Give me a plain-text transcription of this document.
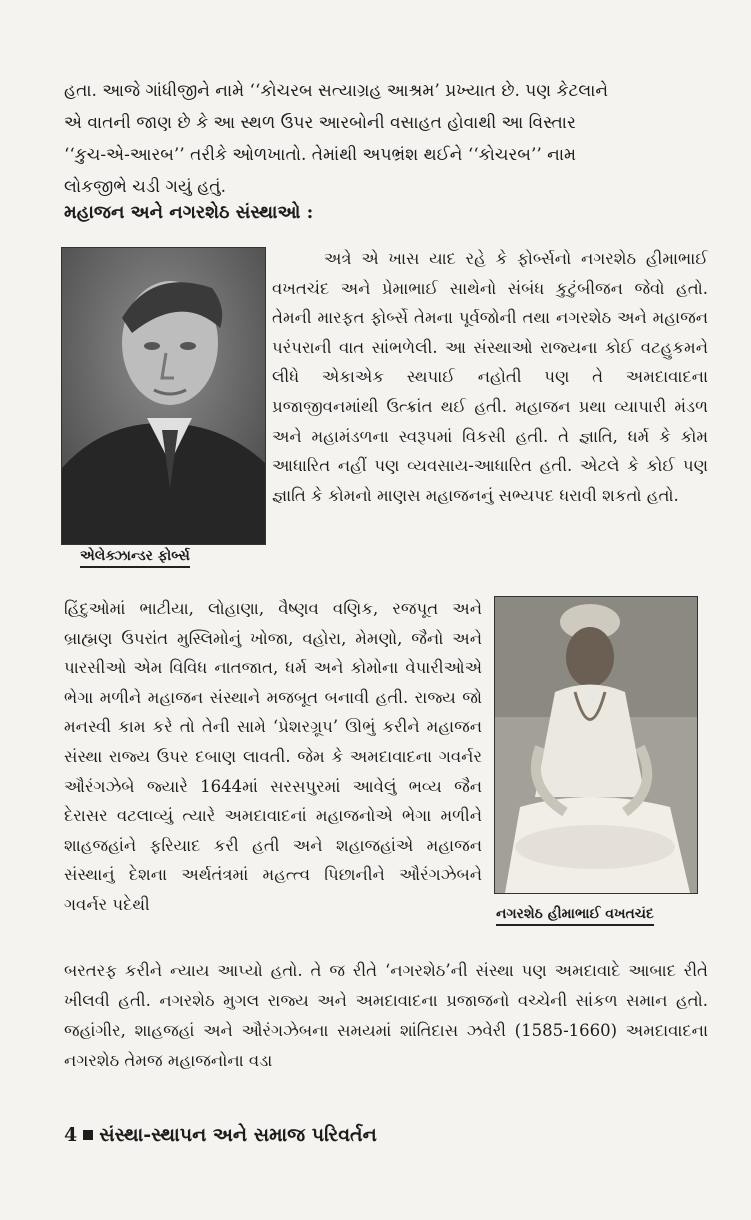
હતા. આજે ગાંધીજીને નામે ‘‘કોચરબ સત્યાગ્રહ આશ્રમ’ પ્રખ્યાત છે. પણ કેટલાને

એ વાતની જાણ છે કે આ સ્થળ ઉપર આરબોની વસાહત હોવાથી આ વિસ્તાર

‘‘કુચ-એ-આરબ’’ તરીકે ઓળખાતો. તેમાંથી અપભ્રંશ થઈને ‘‘કોચરબ’’ નામ

લોકજીભે ચડી ગયું હતું.

મહાજન અને નગરશેઠ સંસ્થાઓ :
એલેક્ઝાન્ડર ફોર્બ્સ

અત્રે એ ખાસ યાદ રહે કે ફોર્બ્સનો નગરશેઠ હીમાભાઈ વખતચંદ અને પ્રેમાભાઈ સાથેનો સંબંધ કુટુંબીજન જેવો હતો. તેમની મારફત ફોર્બ્સે તેમના પૂર્વજોની તથા નગરશેઠ અને મહાજન પરંપરાની વાત સાંભળેલી. આ સંસ્થાઓ રાજ્યના કોઈ વટહુકમને લીધે એકાએક સ્થપાઈ નહોતી પણ તે અમદાવાદના પ્રજાજીવનમાંથી ઉત્ક્રાંત થઈ હતી. મહાજન પ્રથા વ્યાપારી મંડળ અને મહામંડળના સ્વરૂપમાં વિકસી હતી. તે જ્ઞાતિ, ધર્મ કે કોમ આધારિત નહીં પણ વ્યવસાય-આધારિત હતી. એટલે કે કોઈ પણ જ્ઞાતિ કે કોમનો માણસ મહાજનનું સભ્યપદ ધરાવી શકતો હતો.

નગરશેઠ હીમાભાઈ વખતચંદ

હિંદુઓમાં ભાટીયા, લોહાણા, વૈષ્ણવ વણિક, રજપૂત અને બ્રાહ્મણ ઉપરાંત મુસ્લિમોનું ખોજા, વહોરા, મેમણો, જૈનો અને પારસીઓ એમ વિવિધ નાતજાત, ધર્મ અને કોમોના વેપારીઓએ ભેગા મળીને મહાજન સંસ્થાને મજબૂત બનાવી હતી. રાજ્ય જો મનસ્વી કામ કરે તો તેની સામે ‘પ્રેશરગ્રૂપ’ ઊભું કરીને મહાજન સંસ્થા રાજ્ય ઉપર દબાણ લાવતી. જેમ કે અમદાવાદના ગવર્નર ઔરંગઝેબે જ્યારે 1644માં સરસપુરમાં આવેલું ભવ્ય જૈન દેરાસર વટલાવ્યું ત્યારે અમદાવાદનાં મહાજનોએ ભેગા મળીને શાહજહાંને ફરિયાદ કરી હતી અને શહાજહાંએ મહાજન સંસ્થાનું દેશના અર્થતંત્રમાં મહત્ત્વ પિછાનીને ઔરંગઝેબને ગવર્નર પદેથી

બરતરફ કરીને ન્યાય આપ્યો હતો. તે જ રીતે ‘નગરશેઠ’ની સંસ્થા પણ અમદાવાદે આબાદ રીતે ખીલવી હતી. નગરશેઠ મુગલ રાજ્ય અને અમદાવાદના પ્રજાજનો વચ્ચેની સાંકળ સમાન હતો. જહાંગીર, શાહજહાં અને ઔરંગઝેબના સમયમાં શાંતિદાસ ઝવેરી (1585-1660) અમદાવાદના નગરશેઠ તેમજ મહાજનોના વડા

4 સંસ્થા-સ્થાપન અને સમાજ પરિવર્તન
